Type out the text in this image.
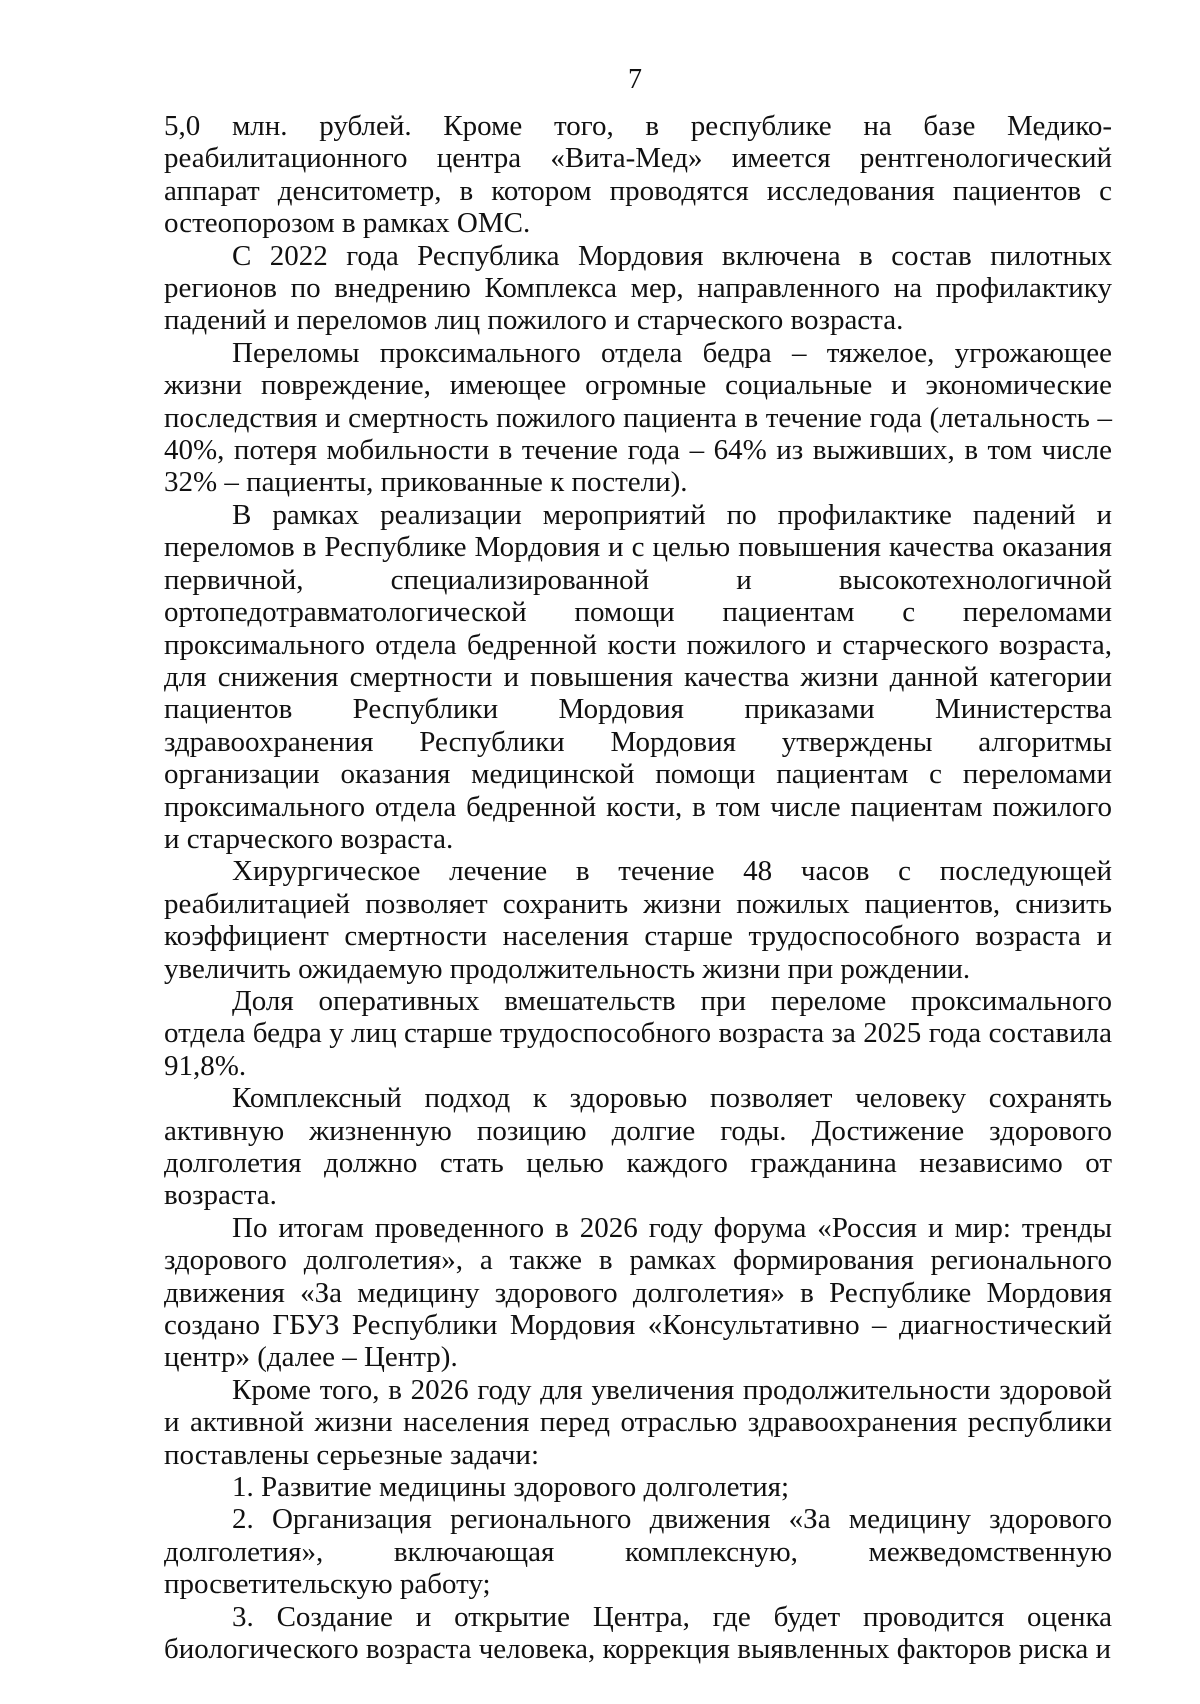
7

5,0 млн. рублей. Кроме того, в республике на базе Медико-реабилитационного центра «Вита-Мед» имеется рентгенологический аппарат денситометр, в котором проводятся исследования пациентов с остеопорозом в рамках ОМС.

С 2022 года Республика Мордовия включена в состав пилотных регионов по внедрению Комплекса мер, направленного на профилактику падений и переломов лиц пожилого и старческого возраста.

Переломы проксимального отдела бедра – тяжелое, угрожающее жизни повреждение, имеющее огромные социальные и экономические последствия и смертность пожилого пациента в течение года (летальность – 40%, потеря мобильности в течение года – 64% из выживших, в том числе 32% – пациенты, прикованные к постели).

В рамках реализации мероприятий по профилактике падений и переломов в Республике Мордовия и с целью повышения качества оказания первичной, специализированной и высокотехнологичной ортопедотравматологической помощи пациентам с переломами проксимального отдела бедренной кости пожилого и старческого возраста, для снижения смертности и повышения качества жизни данной категории пациентов Республики Мордовия приказами Министерства здравоохранения Республики Мордовия утверждены алгоритмы организации оказания медицинской помощи пациентам с переломами проксимального отдела бедренной кости, в том числе пациентам пожилого и старческого возраста.

Хирургическое лечение в течение 48 часов с последующей реабилитацией позволяет сохранить жизни пожилых пациентов, снизить коэффициент смертности населения старше трудоспособного возраста и увеличить ожидаемую продолжительность жизни при рождении.

Доля оперативных вмешательств при переломе проксимального отдела бедра у лиц старше трудоспособного возраста за 2025 года составила 91,8%.

Комплексный подход к здоровью позволяет человеку сохранять активную жизненную позицию долгие годы. Достижение здорового долголетия должно стать целью каждого гражданина независимо от возраста.

По итогам проведенного в 2026 году форума «Россия и мир: тренды здорового долголетия», а также в рамках формирования регионального движения «За медицину здорового долголетия» в Республике Мордовия создано ГБУЗ Республики Мордовия «Консультативно – диагностический центр» (далее – Центр).

Кроме того, в 2026 году для увеличения продолжительности здоровой и активной жизни населения перед отраслью здравоохранения республики поставлены серьезные задачи:

1. Развитие медицины здорового долголетия;

2. Организация регионального движения «За медицину здорового долголетия», включающая комплексную, межведомственную просветительскую работу;

3. Создание и открытие Центра, где будет проводится оценка биологического возраста человека, коррекция выявленных факторов риска и
